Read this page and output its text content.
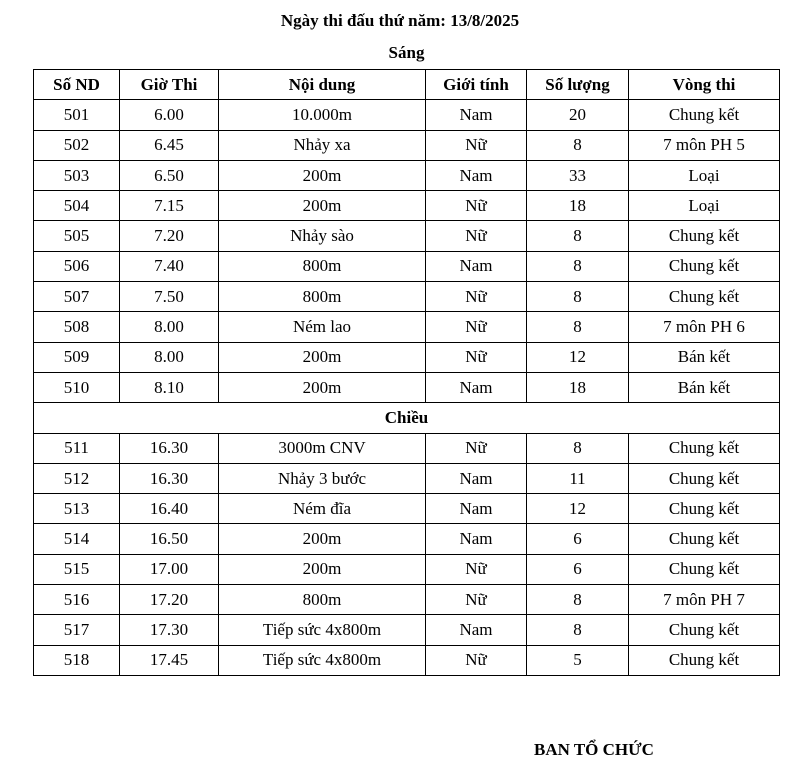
Ngày thi đấu thứ năm: 13/8/2025
Sáng
Số ND	Giờ Thi	Nội dung	Giới tính	Số lượng	Vòng thi
501	6.00	10.000m	Nam	20	Chung kết
502	6.45	Nhảy xa	Nữ	8	7 môn PH 5
503	6.50	200m	Nam	33	Loại
504	7.15	200m	Nữ	18	Loại
505	7.20	Nhảy sào	Nữ	8	Chung kết
506	7.40	800m	Nam	8	Chung kết
507	7.50	800m	Nữ	8	Chung kết
508	8.00	Ném lao	Nữ	8	7 môn PH 6
509	8.00	200m	Nữ	12	Bán kết
510	8.10	200m	Nam	18	Bán kết
Chiều					
511	16.30	3000m CNV	Nữ	8	Chung kết
512	16.30	Nhảy 3 bước	Nam	11	Chung kết
513	16.40	Ném đĩa	Nam	12	Chung kết
514	16.50	200m	Nam	6	Chung kết
515	17.00	200m	Nữ	6	Chung kết
516	17.20	800m	Nữ	8	7 môn PH 7
517	17.30	Tiếp sức 4x800m	Nam	8	Chung kết
518	17.45	Tiếp sức 4x800m	Nữ	5	Chung kết
BAN TỔ CHỨC
